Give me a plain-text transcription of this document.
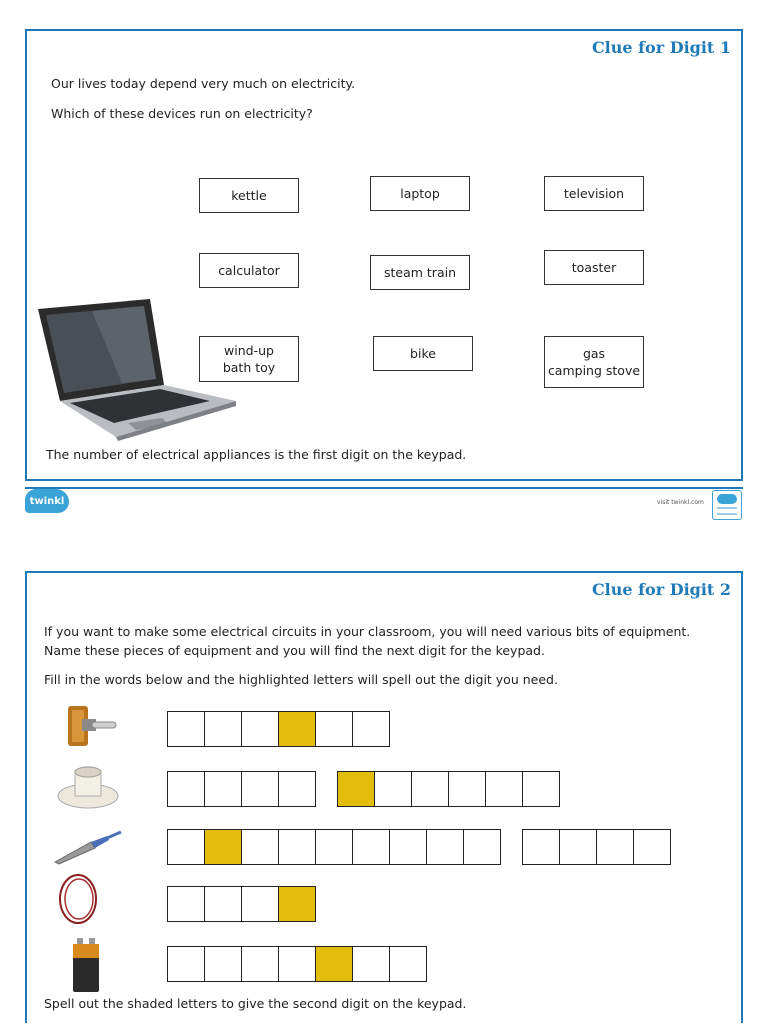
Clue for Digit 1
Our lives today depend very much on electricity.
Which of these devices run on electricity?
kettle	laptop	television
calculator	steam train	toaster
wind-up
bath toy
bike	gas
camping stove
The number of electrical appliances is the first digit on the keypad.
twinkl	visit twinkl.com
Clue for Digit 2
If you want to make some electrical circuits in your classroom, you will need various bits of equipment.
Name these pieces of equipment and you will find the next digit for the keypad.
Fill in the words below and the highlighted letters will spell out the digit you need.
Spell out the shaded letters to give the second digit on the keypad.
